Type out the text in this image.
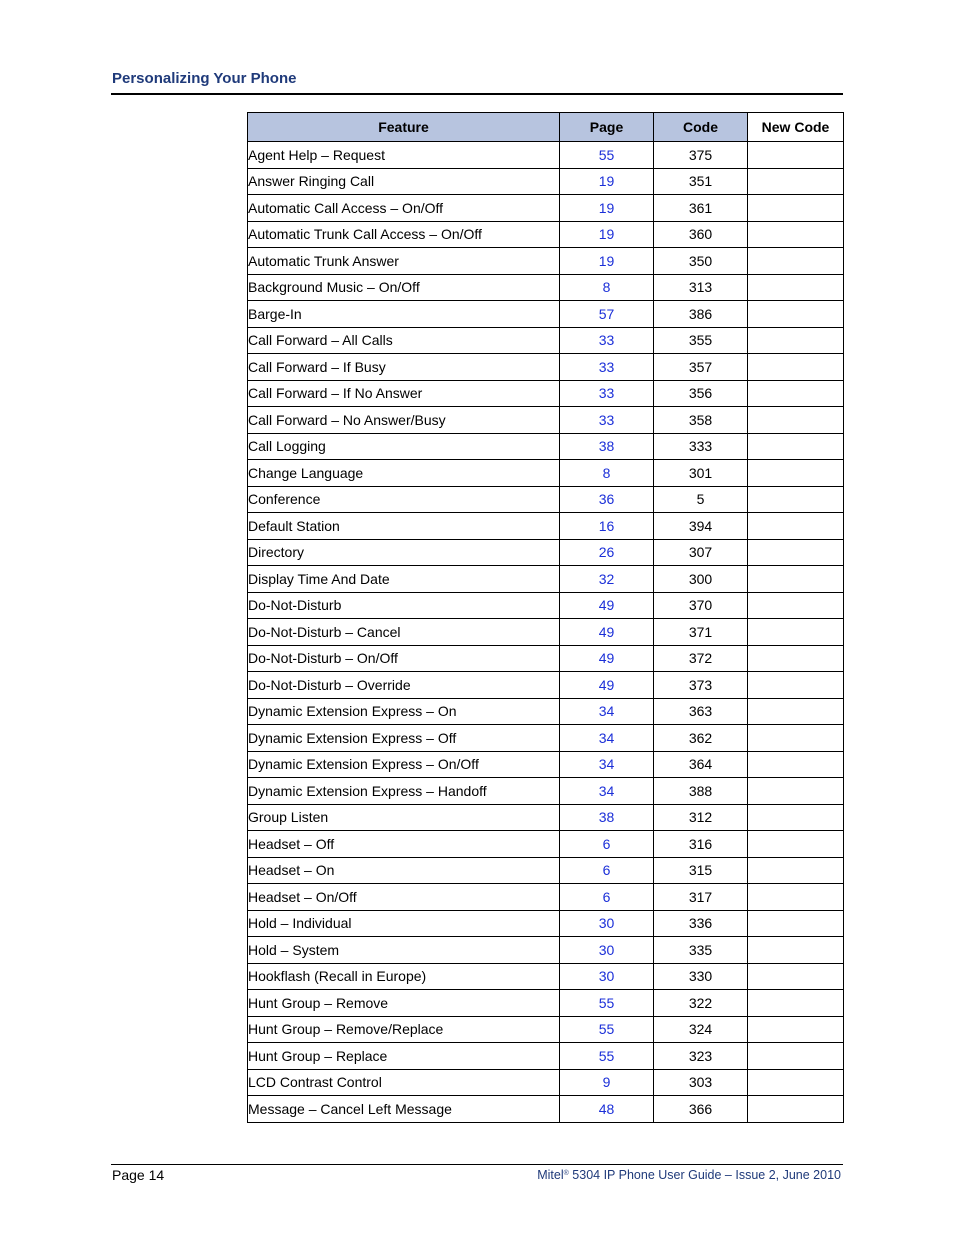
Personalizing Your Phone
Feature	Page	Code	New Code
Agent Help – Request	55	375	
Answer Ringing Call	19	351	
Automatic Call Access – On/Off	19	361	
Automatic Trunk Call Access – On/Off	19	360	
Automatic Trunk Answer	19	350	
Background Music – On/Off	8	313	
Barge-In	57	386	
Call Forward – All Calls	33	355	
Call Forward – If Busy	33	357	
Call Forward – If No Answer	33	356	
Call Forward – No Answer/Busy	33	358	
Call Logging	38	333	
Change Language	8	301	
Conference	36	5	
Default Station	16	394	
Directory	26	307	
Display Time And Date	32	300	
Do-Not-Disturb	49	370	
Do-Not-Disturb – Cancel	49	371	
Do-Not-Disturb – On/Off	49	372	
Do-Not-Disturb – Override	49	373	
Dynamic Extension Express – On	34	363	
Dynamic Extension Express – Off	34	362	
Dynamic Extension Express – On/Off	34	364	
Dynamic Extension Express – Handoff	34	388	
Group Listen	38	312	
Headset – Off	6	316	
Headset – On	6	315	
Headset – On/Off	6	317	
Hold – Individual	30	336	
Hold – System	30	335	
Hookflash (Recall in Europe)	30	330	
Hunt Group – Remove	55	322	
Hunt Group – Remove/Replace	55	324	
Hunt Group – Replace	55	323	
LCD Contrast Control	9	303	
Message – Cancel Left Message	48	366	
Page 14	Mitel® 5304 IP Phone User Guide – Issue 2, June 2010
